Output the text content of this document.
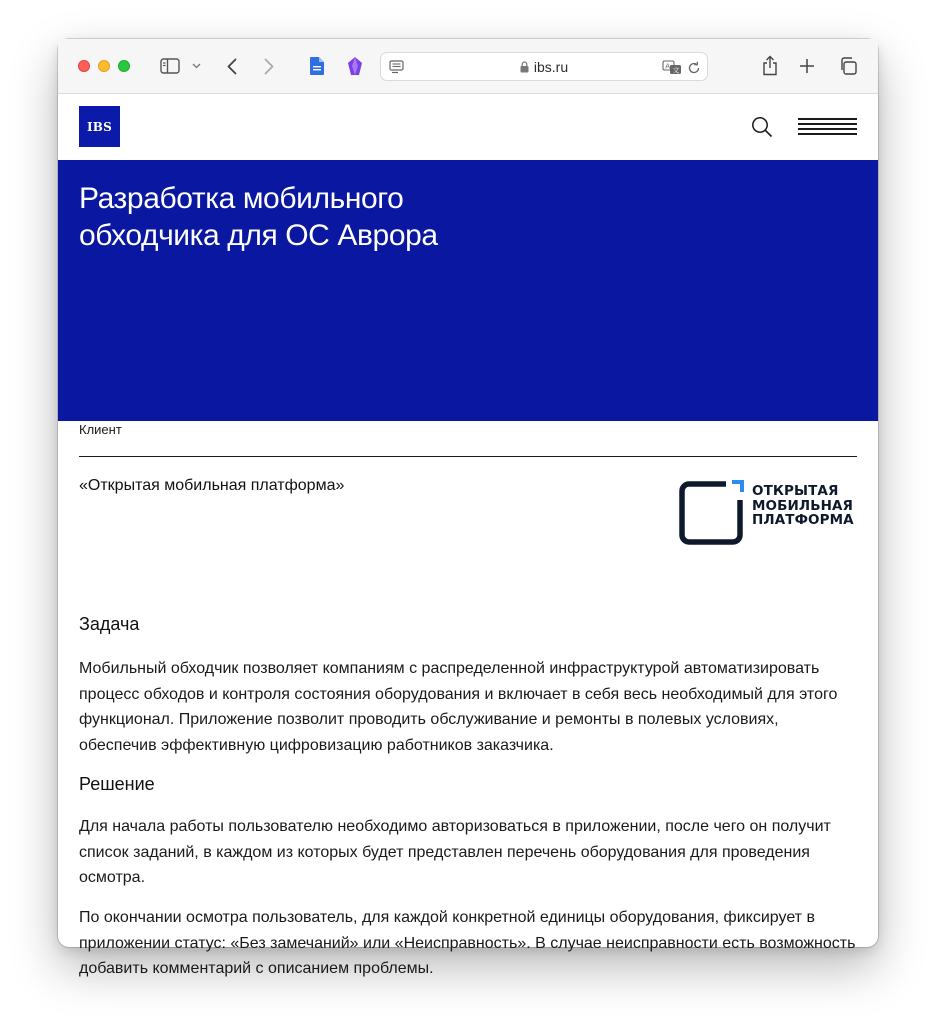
ibs.ru	A 文
IBS
Разработка мобильного
обходчика для ОС Аврора
Клиент
«Открытая мобильная платформа»	ОТКРЫТАЯ
МОБИЛЬНАЯ
ПЛАТФОРМА
Задача

Мобильный обходчик позволяет компаниям с распределенной инфраструктурой автоматизировать процесс обходов и контроля состояния оборудования и включает в себя весь необходимый для этого функционал. Приложение позволит проводить обслуживание и ремонты в полевых условиях, обеспечив эффективную цифровизацию работников заказчика.

Решение

Для начала работы пользователю необходимо авторизоваться в приложении, после чего он получит список заданий, в каждом из которых будет представлен перечень оборудования для проведения осмотра.

По окончании осмотра пользователь, для каждой конкретной единицы оборудования, фиксирует в приложении статус: «Без замечаний» или «Неисправность». В случае неисправности есть возможность добавить комментарий с описанием проблемы.
